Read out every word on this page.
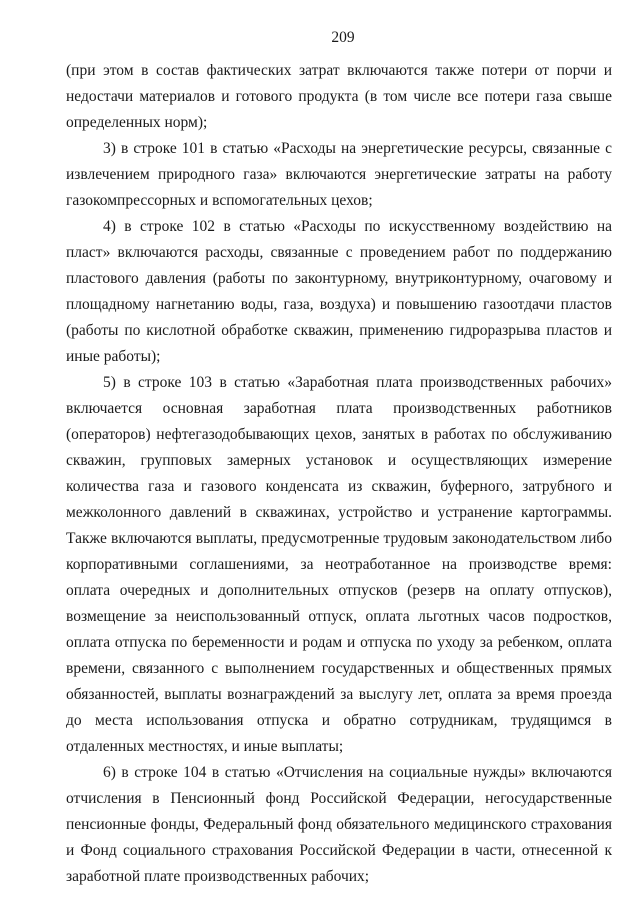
209

(при этом в состав фактических затрат включаются также потери от порчи и недостачи материалов и готового продукта (в том числе все потери газа свыше определенных норм);

3) в строке 101 в статью «Расходы на энергетические ресурсы, связанные с извлечением природного газа» включаются энергетические затраты на работу газокомпрессорных и вспомогательных цехов;

4) в строке 102 в статью «Расходы по искусственному воздействию на пласт» включаются расходы, связанные с проведением работ по поддержанию пластового давления (работы по законтурному, внутриконтурному, очаговому и площадному нагнетанию воды, газа, воздуха) и повышению газоотдачи пластов (работы по кислотной обработке скважин, применению гидроразрыва пластов и иные работы);

5) в строке 103 в статью «Заработная плата производственных рабочих» включается основная заработная плата производственных работников (операторов) нефтегазодобывающих цехов, занятых в работах по обслуживанию скважин, групповых замерных установок и осуществляющих измерение количества газа и газового конденсата из скважин, буферного, затрубного и межколонного давлений в скважинах, устройство и устранение картограммы. Также включаются выплаты, предусмотренные трудовым законодательством либо корпоративными соглашениями, за неотработанное на производстве время: оплата очередных и дополнительных отпусков (резерв на оплату отпусков), возмещение за неиспользованный отпуск, оплата льготных часов подростков, оплата отпуска по беременности и родам и отпуска по уходу за ребенком, оплата времени, связанного с выполнением государственных и общественных прямых обязанностей, выплаты вознаграждений за выслугу лет, оплата за время проезда до места использования отпуска и обратно сотрудникам, трудящимся в отдаленных местностях, и иные выплаты;

6) в строке 104 в статью «Отчисления на социальные нужды» включаются отчисления в Пенсионный фонд Российской Федерации, негосударственные пенсионные фонды, Федеральный фонд обязательного медицинского страхования и Фонд социального страхования Российской Федерации в части, отнесенной к заработной плате производственных рабочих;
